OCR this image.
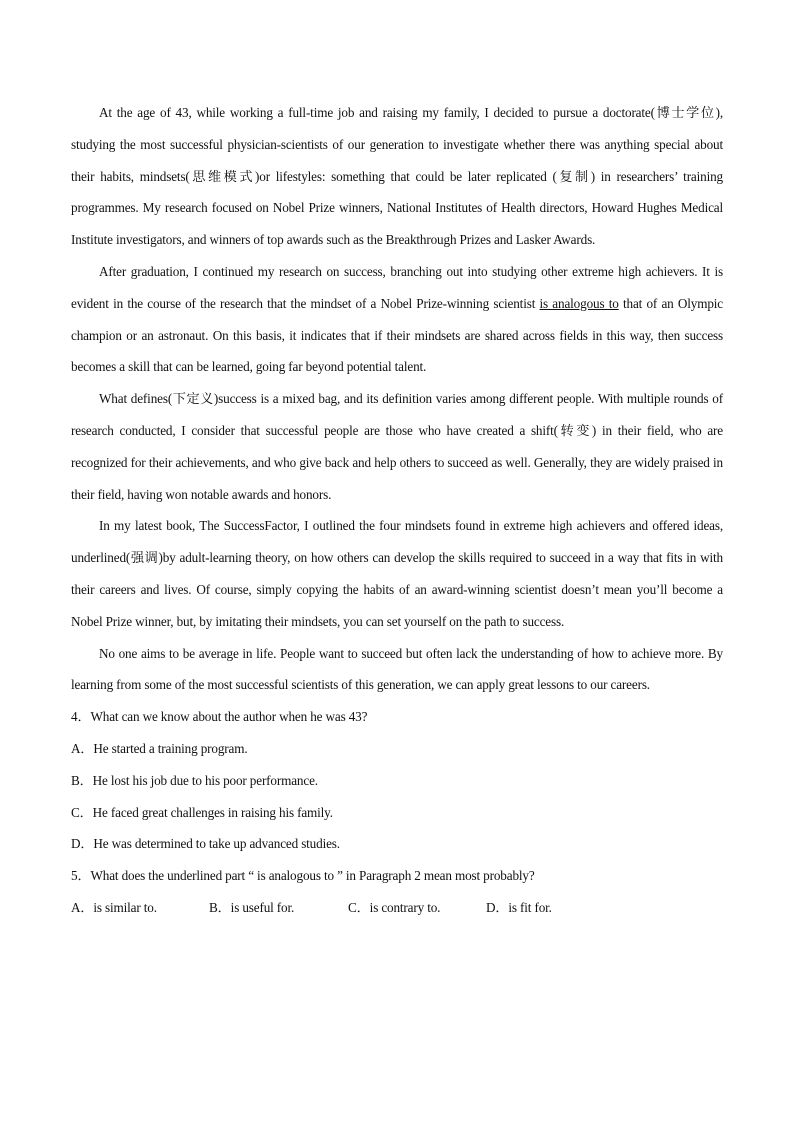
At the age of 43, while working a full-time job and raising my family, I decided to pursue a doctorate(博士学位), studying the most successful physician-scientists of our generation to investigate whether there was anything special about their habits, mindsets(思维模式)or lifestyles: something that could be later replicated (复制) in researchers’ training programmes. My research focused on Nobel Prize winners, National Institutes of Health directors, Howard Hughes Medical Institute investigators, and winners of top awards such as the Breakthrough Prizes and Lasker Awards.

After graduation, I continued my research on success, branching out into studying other extreme high achievers. It is evident in the course of the research that the mindset of a Nobel Prize-winning scientist is analogous to that of an Olympic champion or an astronaut. On this basis, it indicates that if their mindsets are shared across fields in this way, then success becomes a skill that can be learned, going far beyond potential talent.

What defines(下定义)success is a mixed bag, and its definition varies among different people. With multiple rounds of research conducted, I consider that successful people are those who have created a shift(转变) in their field, who are recognized for their achievements, and who give back and help others to succeed as well. Generally, they are widely praised in their field, having won notable awards and honors.

In my latest book, The SuccessFactor, I outlined the four mindsets found in extreme high achievers and offered ideas, underlined(强调)by adult-learning theory, on how others can develop the skills required to succeed in a way that fits in with their careers and lives. Of course, simply copying the habits of an award-winning scientist doesn’t mean you’ll become a Nobel Prize winner, but, by imitating their mindsets, you can set yourself on the path to success.

No one aims to be average in life. People want to succeed but often lack the understanding of how to achieve more. By learning from some of the most successful scientists of this generation, we can apply great lessons to our careers.

4．What can we know about the author when he was 43?

A．He started a training program.

B．He lost his job due to his poor performance.

C．He faced great challenges in raising his family.

D．He was determined to take up advanced studies.

5．What does the underlined part “ is analogous to ” in Paragraph 2 mean most probably?

A．is similar to.	B．is useful for.	C．is contrary to.	D．is fit for.
